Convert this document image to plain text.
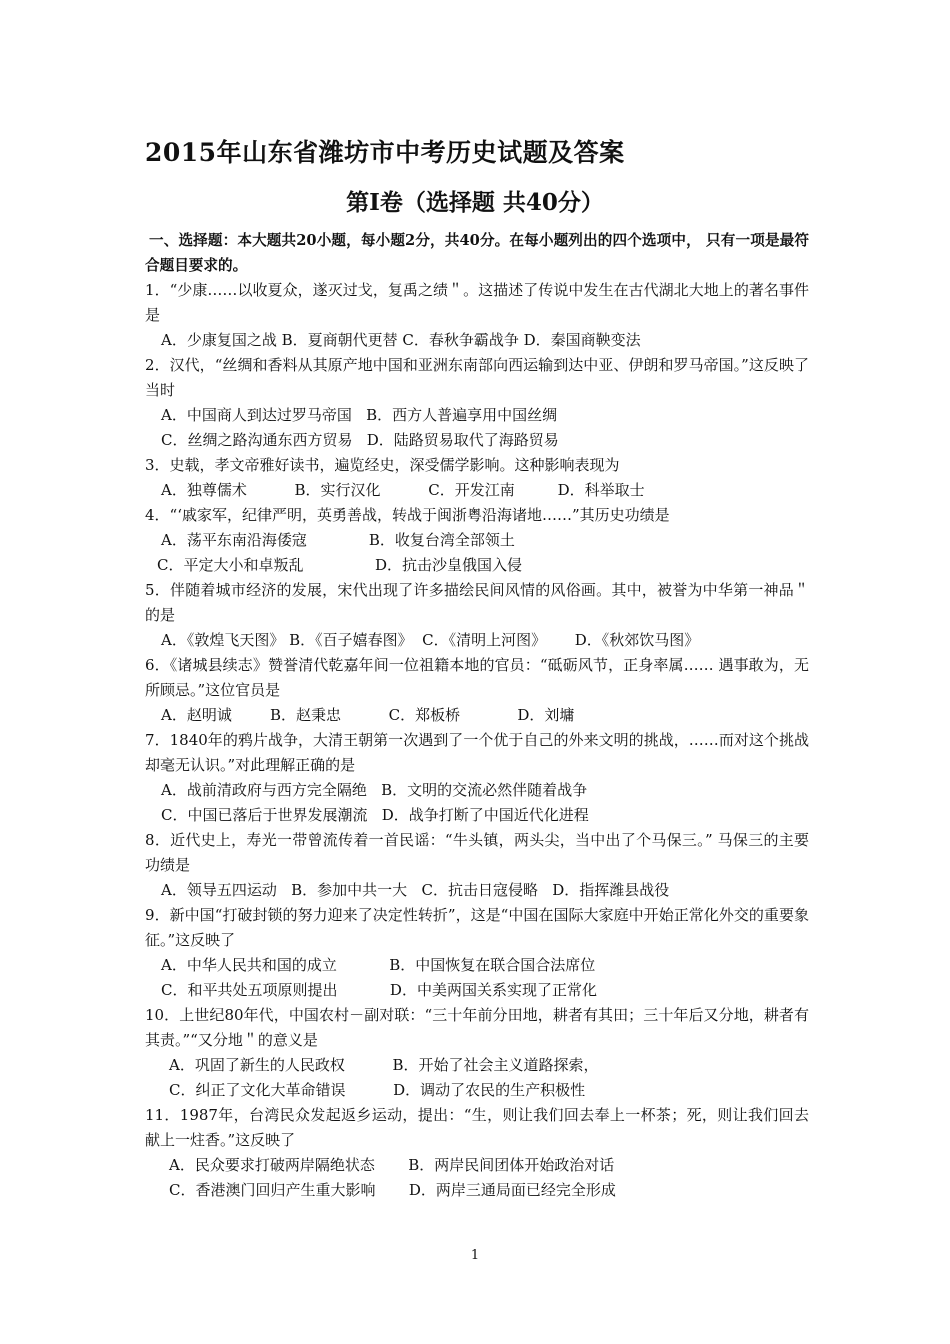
2015年山东省潍坊市中考历史试题及答案
第I卷（选择题 共40分）
一、选择题：本大题共20小题，每小题2分，共40分。在每小题列出的四个选项中， 只有一项是最符合题目要求的。
1．“少康……以收夏众，遂灭过戈，复禹之绩＂。这描述了传说中发生在古代湖北大地上的著名事件是
A．少康复国之战 B．夏商朝代更替 C．春秋争霸战争 D．秦国商鞅变法
2．汉代，“丝绸和香料从其原产地中国和亚洲东南部向西运输到达中亚、伊朗和罗马帝国。”这反映了当时
A．中国商人到达过罗马帝国   B．西方人普遍享用中国丝绸
C．丝绸之路沟通东西方贸易   D．陆路贸易取代了海路贸易
3．史载，孝文帝雅好读书，遍览经史，深受儒学影响。这种影响表现为
A．独尊儒术          B．实行汉化          C．开发江南         D．科举取士
4．“‘戚家军，纪律严明，英勇善战，转战于闽浙粤沿海诸地……”其历史功绩是
A．荡平东南沿海倭寇             B．收复台湾全部领土
C．平定大小和卓叛乱               D．抗击沙皇俄国入侵
5．伴随着城市经济的发展，宋代出现了许多描绘民间风情的风俗画。其中，被誉为中华第一神品＂的是
A．《敦煌飞天图》 B．《百子嬉春图》  C．《清明上河图》      D．《秋郊饮马图》
6．《诸城县续志》赞誉清代乾嘉年间一位祖籍本地的官员：“砥砺风节，正身率属…… 遇事敢为，无所顾忌。”这位官员是
A．赵明诚        B．赵秉忠          C．郑板桥            D．刘墉
7．1840年的鸦片战争，大清王朝第一次遇到了一个优于自己的外来文明的挑战，……而对这个挑战却毫无认识。”对此理解正确的是
A．战前清政府与西方完全隔绝   B．文明的交流必然伴随着战争
C．中国已落后于世界发展潮流   D．战争打断了中国近代化进程
8．近代史上，寿光一带曾流传着一首民谣：“牛头镇，两头尖，当中出了个马保三。” 马保三的主要功绩是
A．领导五四运动   B．参加中共一大   C．抗击日寇侵略   D．指挥潍县战役
9．新中国“打破封锁的努力迎来了决定性转折”，这是“中国在国际大家庭中开始正常化外交的重要象征。”这反映了
A．中华人民共和国的成立           B．中国恢复在联合国合法席位
C．和平共处五项原则提出           D．中美两国关系实现了正常化
10．上世纪80年代，中国农村－副对联：“三十年前分田地，耕者有其田；三十年后又分地，耕者有其责。”“又分地＂的意义是
A．巩固了新生的人民政权          B．开始了社会主义道路探索，
C．纠正了文化大革命错误          D．调动了农民的生产积极性
11．1987年，台湾民众发起返乡运动，提出：“生，则让我们回去奉上一杯茶；死，则让我们回去献上一炷香。”这反映了
A．民众要求打破两岸隔绝状态       B．两岸民间团体开始政治对话
C．香港澳门回归产生重大影响       D．两岸三通局面已经完全形成
1
